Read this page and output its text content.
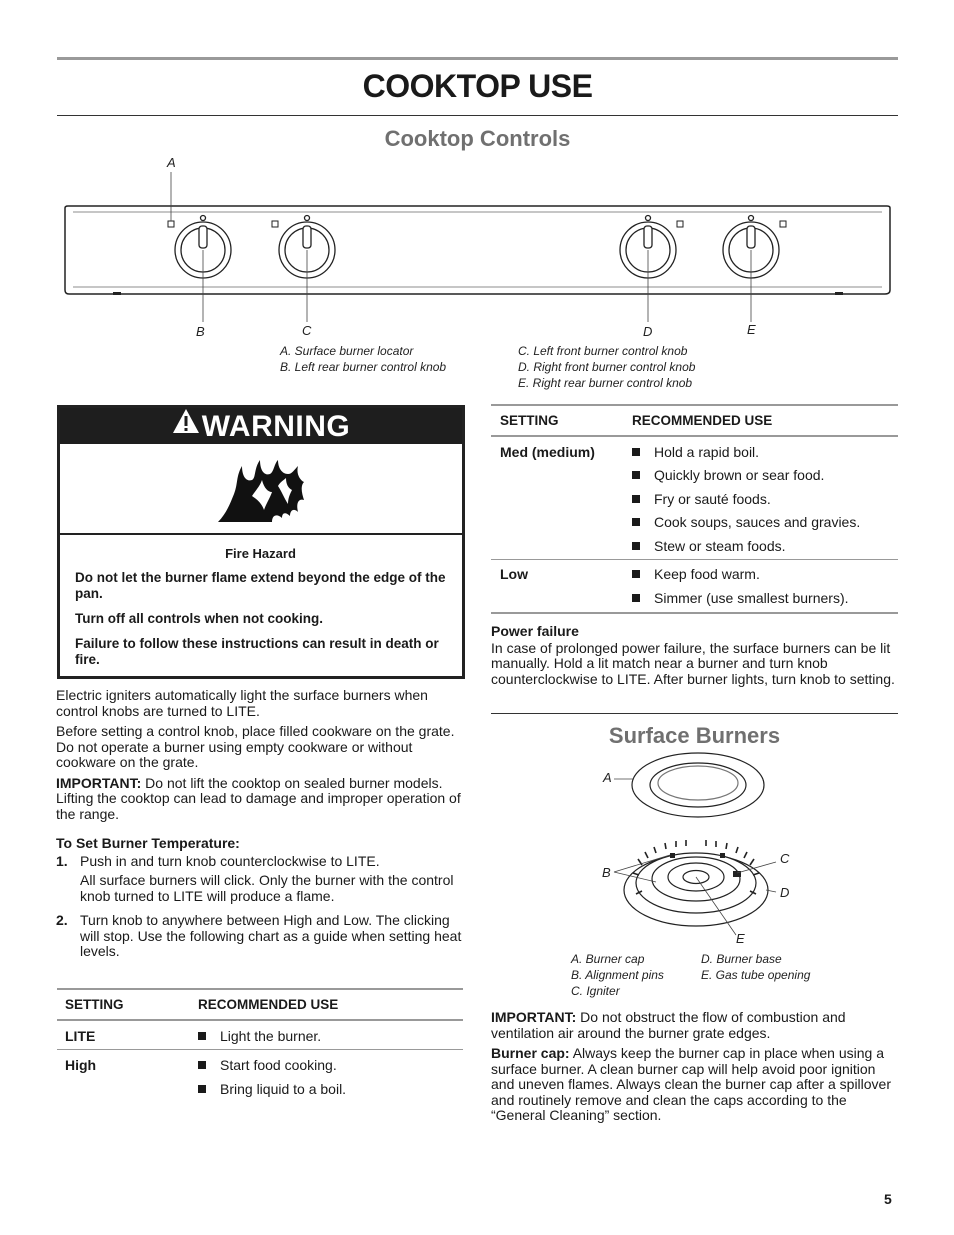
COOKTOP USE
Cooktop Controls
A
B	C	D	E
A. Surface burner locator
B. Left rear burner control knob
C. Left front burner control knob
D. Right front burner control knob
E. Right rear burner control knob
WARNING
Fire Hazard
Do not let the burner flame extend beyond the edge of the pan.
Turn off all controls when not cooking.
Failure to follow these instructions can result in death or fire.

Electric igniters automatically light the surface burners when control knobs are turned to LITE.

Before setting a control knob, place filled cookware on the grate. Do not operate a burner using empty cookware or without cookware on the grate.

IMPORTANT: Do not lift the cooktop on sealed burner models. Lifting the cooktop can lead to damage and improper operation of the range.

To Set Burner Temperature:
1. Push in and turn knob counterclockwise to LITE.
All surface burners will click. Only the burner with the control knob turned to LITE will produce a flame.
2. Turn knob to anywhere between High and Low. The clicking will stop. Use the following chart as a guide when setting heat levels.
SETTING	RECOMMENDED USE
LITE	Light the burner.
High	Start food cooking.
Bring liquid to a boil.
SETTING	RECOMMENDED USE
Med (medium)	Hold a rapid boil.
Quickly brown or sear food.
Fry or sauté foods.
Cook soups, sauces and gravies.
Stew or steam foods.
Low	Keep food warm.
Simmer (use smallest burners).
Power failure

In case of prolonged power failure, the surface burners can be lit manually. Hold a lit match near a burner and turn knob counterclockwise to LITE. After burner lights, turn knob to setting.

Surface Burners
A
B
C
D
E
A. Burner cap
B. Alignment pins
C. Igniter
D. Burner base
E. Gas tube opening

IMPORTANT: Do not obstruct the flow of combustion and ventilation air around the burner grate edges.

Burner cap: Always keep the burner cap in place when using a surface burner. A clean burner cap will help avoid poor ignition and uneven flames. Always clean the burner cap after a spillover and routinely remove and clean the caps according to the “General Cleaning” section.

5
